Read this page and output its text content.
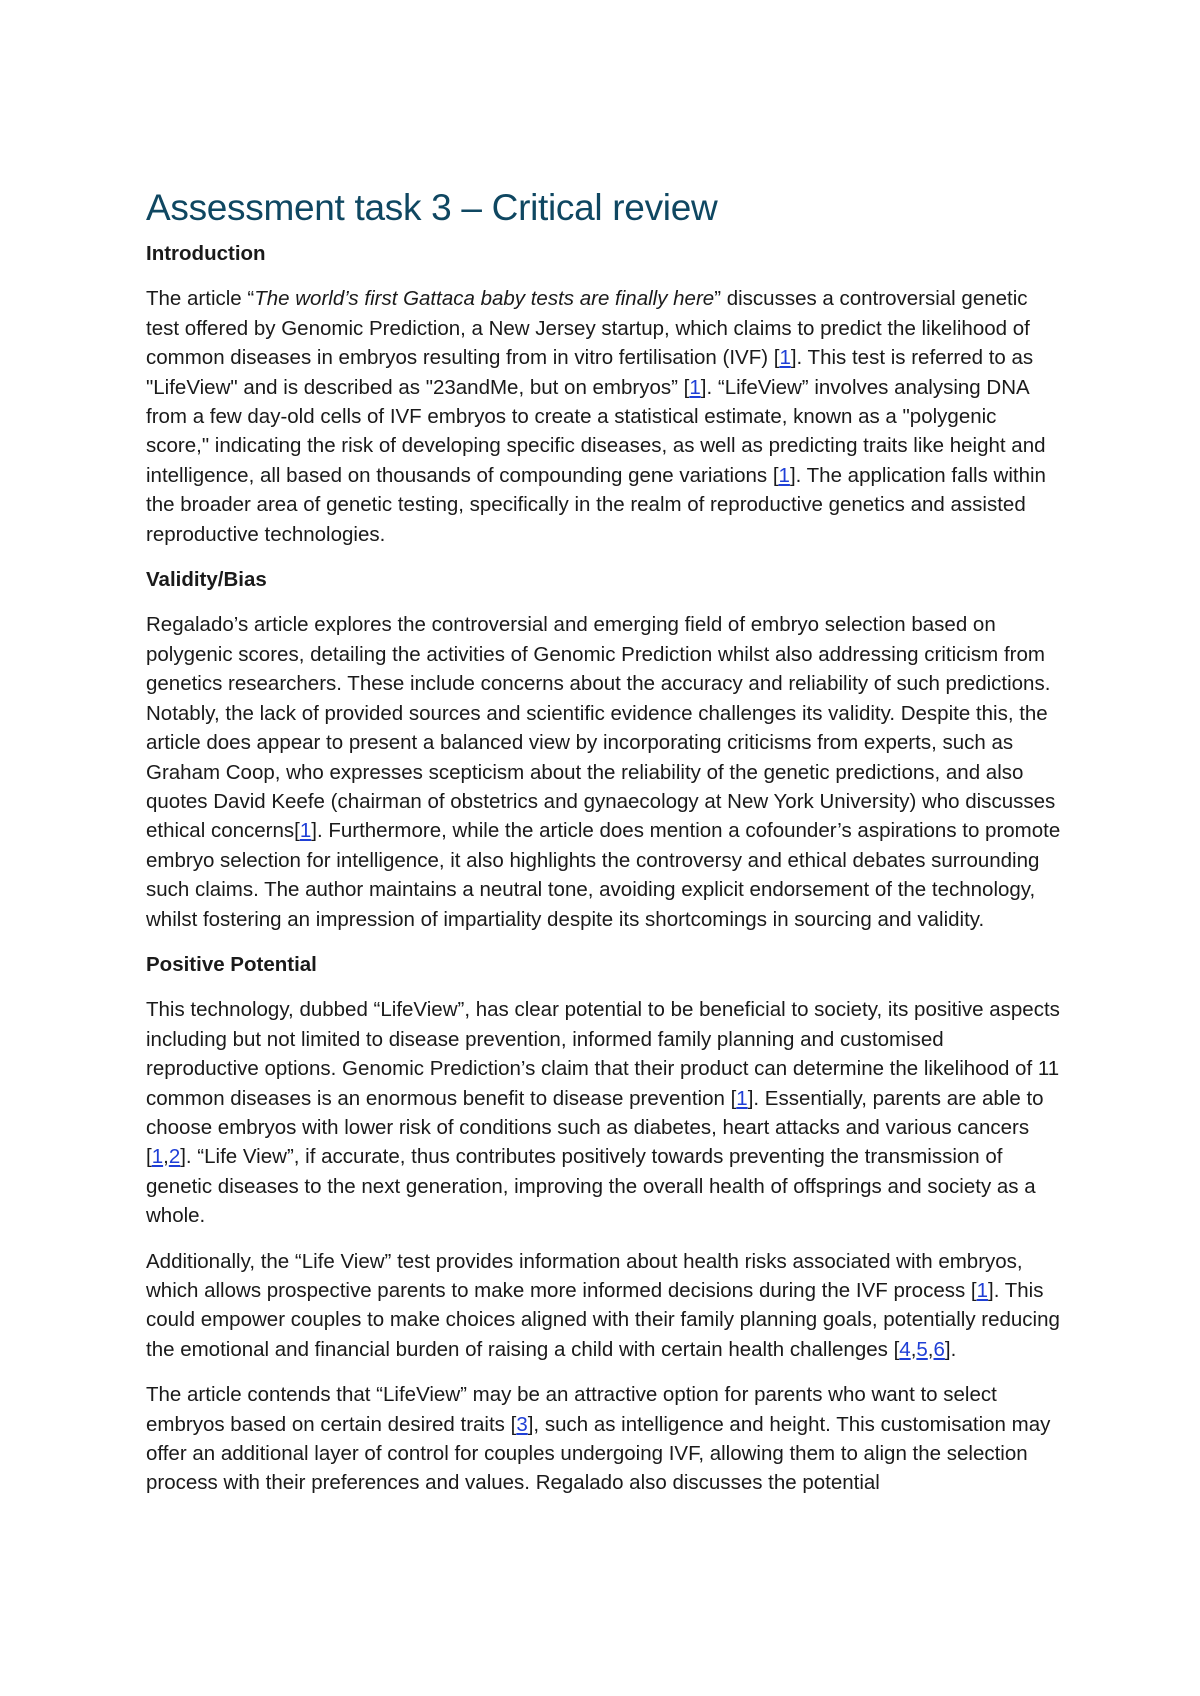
Assessment task 3 – Critical review
Introduction

The article “The world’s first Gattaca baby tests are finally here” discusses a controversial genetic test offered by Genomic Prediction, a New Jersey startup, which claims to predict the likelihood of common diseases in embryos resulting from in vitro fertilisation (IVF) [1]. This test is referred to as "LifeView" and is described as "23andMe, but on embryos” [1]. “LifeView” involves analysing DNA from a few day-old cells of IVF embryos to create a statistical estimate, known as a "polygenic score," indicating the risk of developing specific diseases, as well as predicting traits like height and intelligence, all based on thousands of compounding gene variations [1]. The application falls within the broader area of genetic testing, specifically in the realm of reproductive genetics and assisted reproductive technologies.

Validity/Bias

Regalado’s article explores the controversial and emerging field of embryo selection based on polygenic scores, detailing the activities of Genomic Prediction whilst also addressing criticism from genetics researchers. These include concerns about the accuracy and reliability of such predictions. Notably, the lack of provided sources and scientific evidence challenges its validity. Despite this, the article does appear to present a balanced view by incorporating criticisms from experts, such as Graham Coop, who expresses scepticism about the reliability of the genetic predictions, and also quotes David Keefe (chairman of obstetrics and gynaecology at New York University) who discusses ethical concerns[1]. Furthermore, while the article does mention a cofounder’s aspirations to promote embryo selection for intelligence, it also highlights the controversy and ethical debates surrounding such claims. The author maintains a neutral tone, avoiding explicit endorsement of the technology, whilst fostering an impression of impartiality despite its shortcomings in sourcing and validity.

Positive Potential

This technology, dubbed “LifeView”, has clear potential to be beneficial to society, its positive aspects including but not limited to disease prevention, informed family planning and customised reproductive options. Genomic Prediction’s claim that their product can determine the likelihood of 11 common diseases is an enormous benefit to disease prevention [1]. Essentially, parents are able to choose embryos with lower risk of conditions such as diabetes, heart attacks and various cancers [1,2]. “Life View”, if accurate, thus contributes positively towards preventing the transmission of genetic diseases to the next generation, improving the overall health of offsprings and society as a whole.

Additionally, the “Life View” test provides information about health risks associated with embryos, which allows prospective parents to make more informed decisions during the IVF process [1]. This could empower couples to make choices aligned with their family planning goals, potentially reducing the emotional and financial burden of raising a child with certain health challenges [4,5,6].

The article contends that “LifeView” may be an attractive option for parents who want to select embryos based on certain desired traits [3], such as intelligence and height. This customisation may offer an additional layer of control for couples undergoing IVF, allowing them to align the selection process with their preferences and values. Regalado also discusses the potential
